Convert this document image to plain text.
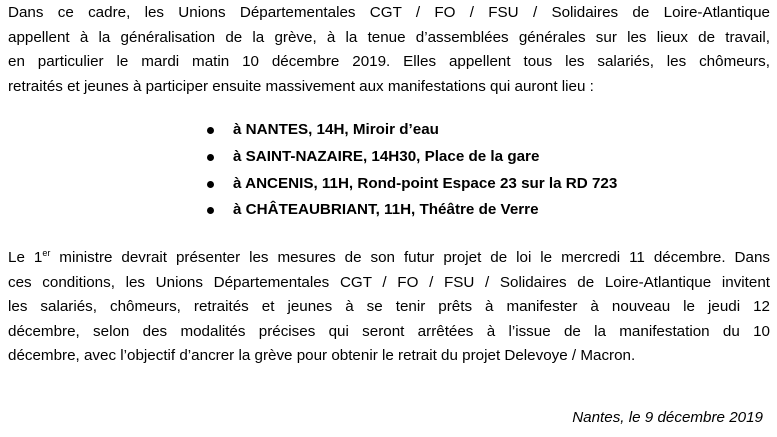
Dans ce cadre, les Unions Départementales CGT / FO / FSU / Solidaires de Loire-Atlantique
appellent à la généralisation de la grève, à la tenue d’assemblées générales sur les lieux de travail,
en particulier le mardi matin 10 décembre 2019. Elles appellent tous les salariés, les chômeurs,
retraités et jeunes à participer ensuite massivement aux manifestations qui auront lieu :

à NANTES, 14H, Miroir d’eau
à SAINT-NAZAIRE, 14H30, Place de la gare
à ANCENIS, 11H, Rond-point Espace 23 sur la RD 723
à CHÂTEAUBRIANT, 11H, Théâtre de Verre

Le 1er ministre devrait présenter les mesures de son futur projet de loi le mercredi 11 décembre. Dans
ces conditions, les Unions Départementales CGT / FO / FSU / Solidaires de Loire-Atlantique invitent
les salariés, chômeurs, retraités et jeunes à se tenir prêts à manifester à nouveau le jeudi 12
décembre, selon des modalités précises qui seront arrêtées à l’issue de la manifestation du 10
décembre, avec l’objectif d’ancrer la grève pour obtenir le retrait du projet Delevoye / Macron.

Nantes, le 9 décembre 2019
